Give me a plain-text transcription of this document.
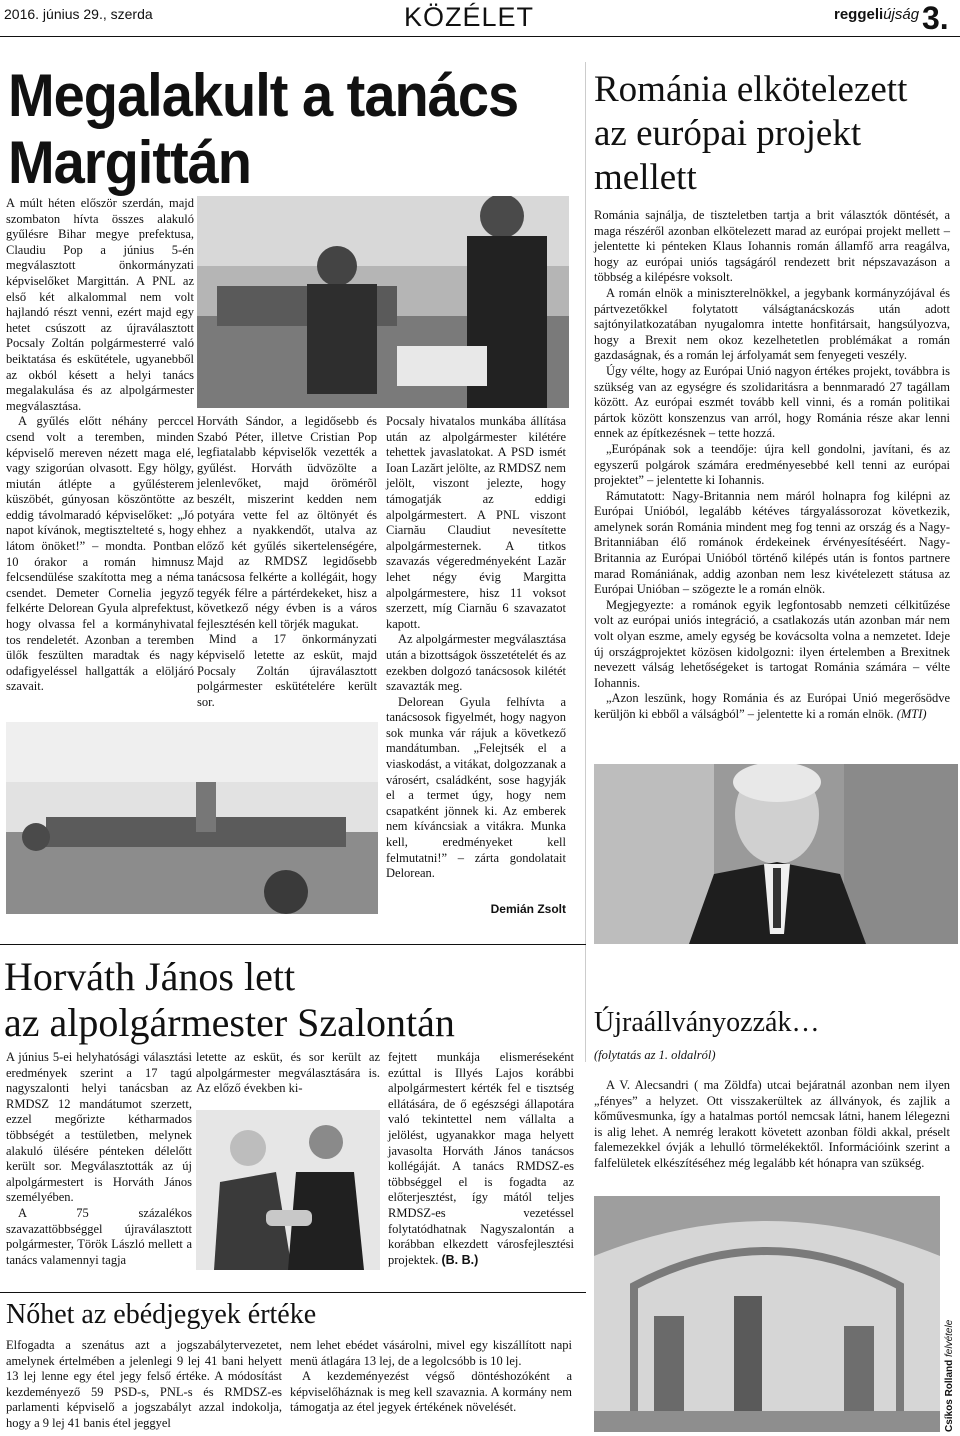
2016. június 29., szerda	KÖZÉLET	reggeliújság 3.
Megalakult a tanács
Margittán

A múlt héten először szerdán, majd szombaton hívta összes alakuló gyűlésre Bihar megye prefektusa, Claudiu Pop a június 5-én megválasztott önkormányzati képviselőket Margittán. A PNL az első két alkalommal nem volt hajlandó részt venni, ezért majd egy hetet csúszott az újraválasztott Pocsaly Zoltán polgármesterré való beiktatása és eskütétele, ugyanebből az okból késett a helyi tanács megalakulása és az alpolgármester megválasztása.

A gyűlés előtt néhány perccel csend volt a teremben, minden képviselő mereven nézett maga elé, vagy szigorúan olvasott. Egy hölgy, miután átlépte a gyűlésterem küszöbét, gúnyosan köszöntötte az eddig távolmaradó képviselőket: „Jó napot kívánok, megtisztelteté s, hogy látom önöket!” – mondta. Pontban 10 órakor a román himnusz felcsendülése szakította meg a néma csendet. Demeter Cornelia jegyző felkérte Delorean Gyula alprefektust, hogy olvassa fel a kormányhivatal tos rendeletét. Azonban a teremben ülők feszülten maradtak és nagy odafigyeléssel hallgatták a elöljáró szavait.

Horváth Sándor, a legidősebb és Szabó Péter, illetve Cristian Pop legfiatalabb képviselők vezették a gyűlést. Horváth üdvözölte a jelenlevőket, majd örömérõl beszélt, miszerint kedden nem potyára vette fel az öltönyét és ehhez a nyakkendőt, utalva az előző két gyűlés sikertelenségére, Majd az RMDSZ legidősebb tanácsosa felkérte a kollégáit, hogy tegyék félre a pártérdekeket, hisz a következő négy évben is a város fejlesztésén kell törjék magukat.

Mind a 17 önkormányzati képviselő letette az esküt, majd Pocsaly Zoltán újraválasztott polgármester eskütételére került sor.

Pocsaly hivatalos munkába állítása után az alpolgármester kilétére tehettek javaslatokat. A PSD ismét Ioan Lazărt jelölte, az RMDSZ nem jelölt, viszont jelezte, hogy támogatják az eddigi alpolgármestert. A PNL viszont Ciarnău Claudiut nevesítette alpolgármesternek. A titkos szavazás végeredményeként Lazăr lehet négy évig Margitta alpolgármestere, hisz 11 voksot szerzett, míg Ciarnău 6 szavazatot kapott.

Az alpolgármester megválasztása után a bizottságok összetételét és az ezekben dolgozó tanácsosok kilétét szavazták meg.

Delorean Gyula felhívta a tanácsosok figyelmét, hogy nagyon sok munka vár rájuk a következő mandátumban. „Felejtsék el a viaskodást, a vitákat, dolgozzanak a városért, családként, sose hagyják el a termet úgy, hogy nem csapatként jönnek ki. Az emberek nem kíváncsiak a vitákra. Munka kell, eredményeket kell felmutatni!” – zárta gondolatait Delorean.

Demián Zsolt
Románia elkötelezett
az európai projekt
mellett

Románia sajnálja, de tiszteletben tartja a brit választók döntését, a maga részéről azonban elkötelezett marad az európai projekt mellett – jelentette ki pénteken Klaus Iohannis román államfő arra reagálva, hogy az európai uniós tagságáról rendezett brit népszavazáson a többség a kilépésre voksolt.

A román elnök a miniszterelnökkel, a jegybank kormányzójával és pártvezetőkkel folytatott válságtanácskozás után adott sajtónyilatkozatában nyugalomra intette honfitársait, hangsúlyozva, hogy a Brexit nem okoz kezelhetetlen problémákat a román gazdaságnak, és a román lej árfolyamát sem fenyegeti veszély.

Úgy vélte, hogy az Európai Unió nagyon értékes projekt, továbbra is szükség van az egységre és szolidaritásra a bennmaradó 27 tagállam között. Az európai eszmét tovább kell vinni, és a román politikai pártok között konszenzus van arról, hogy Románia része akar lenni ennek az építkezésnek – tette hozzá.

„Európának sok a teendője: újra kell gondolni, javítani, és az egyszerű polgárok számára eredményesebbé kell tenni az európai projektet” – jelentette ki Iohannis.

Rámutatott: Nagy-Britannia nem máról holnapra fog kilépni az Európai Unióból, legalább kétéves tárgyalássorozat következik, amelynek során Románia mindent meg fog tenni az ország és a Nagy-Britanniában élő románok érdekeinek érvényesítéséért. Nagy-Britannia az Európai Unióból történő kilépés után is fontos partnere marad Romániának, addig azonban nem lesz kivételezett státusa az Európai Unióban – szögezte le a román elnök.

Megjegyezte: a románok egyik legfontosabb nemzeti célkitűzése volt az európai uniós integráció, a csatlakozás után azonban már nem volt olyan eszme, amely egység be kovácsolta volna a nemzetet. Ideje új országprojektet közösen kidolgozni: ilyen értelemben a Brexitnek nevezett válság lehetőségeket is tartogat Románia számára – vélte Iohannis.

„Azon leszünk, hogy Románia és az Európai Unió megerősödve kerüljön ki ebből a válságból” – jelentette ki a román elnök. (MTI)

Horváth János lett
az alpolgármester Szalontán

A június 5-ei helyhatósági választási eredmények szerint a 17 tagú nagyszalonti helyi tanácsban az RMDSZ 12 mandátumot szerzett, ezzel megőrizte kétharmados többségét a testületben, melynek alakuló ülésére pénteken délelőtt került sor. Megválasztották az új alpolgármestert is Horváth János személyében.

A 75 százalékos szavazattöbbséggel újraválasztott polgármester, Török László mellett a tanács valamennyi tagja

letette az esküt, és sor került az alpolgármester megválasztására is. Az előző években ki-

fejtett munkája elismeréseként ezúttal is Illyés Lajos korábbi alpolgármestert kérték fel e tisztség ellátására, de ő egészségi állapotára való tekintettel nem vállalta a jelölést, ugyanakkor maga helyett javasolta Horváth János tanácsos kollégáját. A tanács RMDSZ-es többséggel el is fogadta az előterjesztést, így mától teljes RMDSZ-es vezetéssel folytatódhatnak Nagyszalontán a korábban elkezdett városfejlesztési projektek. (B. B.)

Újraállványozzák…
(folytatás az 1. oldalról)

A V. Alecsandri ( ma Zöldfa) utcai bejáratnál azonban nem ilyen „fényes” a helyzet. Ott visszakerültek az állványok, és zajlik a kőművesmunka, így a hatalmas portól nemcsak látni, hanem lélegezni is alig lehet. A nemrég lerakott követett azonban földi akkal, préselt falemezekkel óvják a lehulló törmelékektől. Információink szerint a falfelületek elkészítéséhez még legalább két hónapra van szükség.

Csíkos Rolland felvétele
Nőhet az ebédjegyek értéke

Elfogadta a szenátus azt a jogszabálytervezetet, amelynek értelmében a jelenlegi 9 lej 41 bani helyett 13 lej lenne egy étel jegy felső értéke. A módosítást kezdeményező 59 PSD-s, PNL-s és RMDSZ-es parlamenti képviselő a jogszabályt azzal indokolja, hogy a 9 lej 41 banis étel jeggyel

nem lehet ebédet vásárolni, mivel egy kiszállított napi menü átlagára 13 lej, de a legolcsóbb is 10 lej.

A kezdeményezést végső döntéshozóként a képviselőháznak is meg kell szavaznia. A kormány nem támogatja az étel jegyek értékének növelését.
